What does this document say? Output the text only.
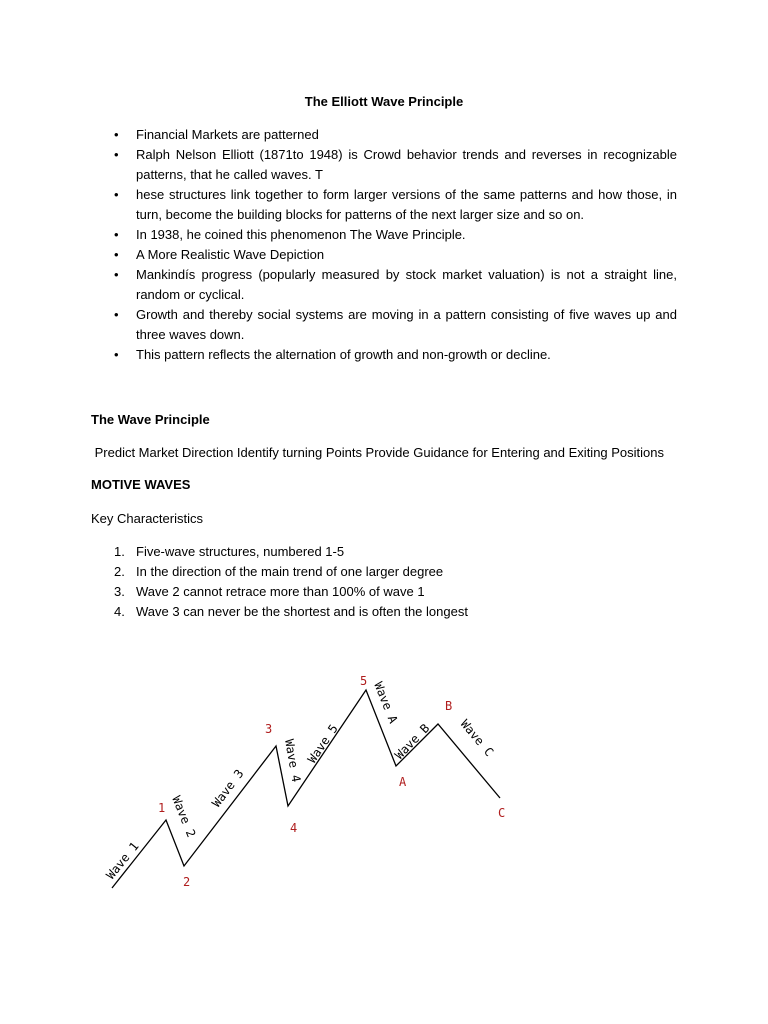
The Elliott Wave Principle
• Financial Markets are patterned
• Ralph Nelson Elliott (1871to 1948) is Crowd behavior trends and reverses in recognizable patterns, that he called waves. T
• hese structures link together to form larger versions of the same patterns and how those, in turn, become the building blocks for patterns of the next larger size and so on.
• In 1938, he coined this phenomenon The Wave Principle.
• A More Realistic Wave Depiction
• Mankindís progress (popularly measured by stock market valuation) is not a straight line, random or cyclical.
• Growth and thereby social systems are moving in a pattern consisting of five waves up and three waves down.
• This pattern reflects the alternation of growth and non-growth or decline.
The Wave Principle
Predict Market Direction Identify turning Points Provide Guidance for Entering and Exiting Positions
MOTIVE WAVES
Key Characteristics
1. Five-wave structures, numbered 1-5
2. In the direction of the main trend of one larger degree
3. Wave 2 cannot retrace more than 100% of wave 1
4. Wave 3 can never be the shortest and is often the longest
Wave 1
Wave 2
Wave 3
Wave 4 Wave 5
Wave A
Wave B Wave C
1
2
3
4
5
A
B
C
